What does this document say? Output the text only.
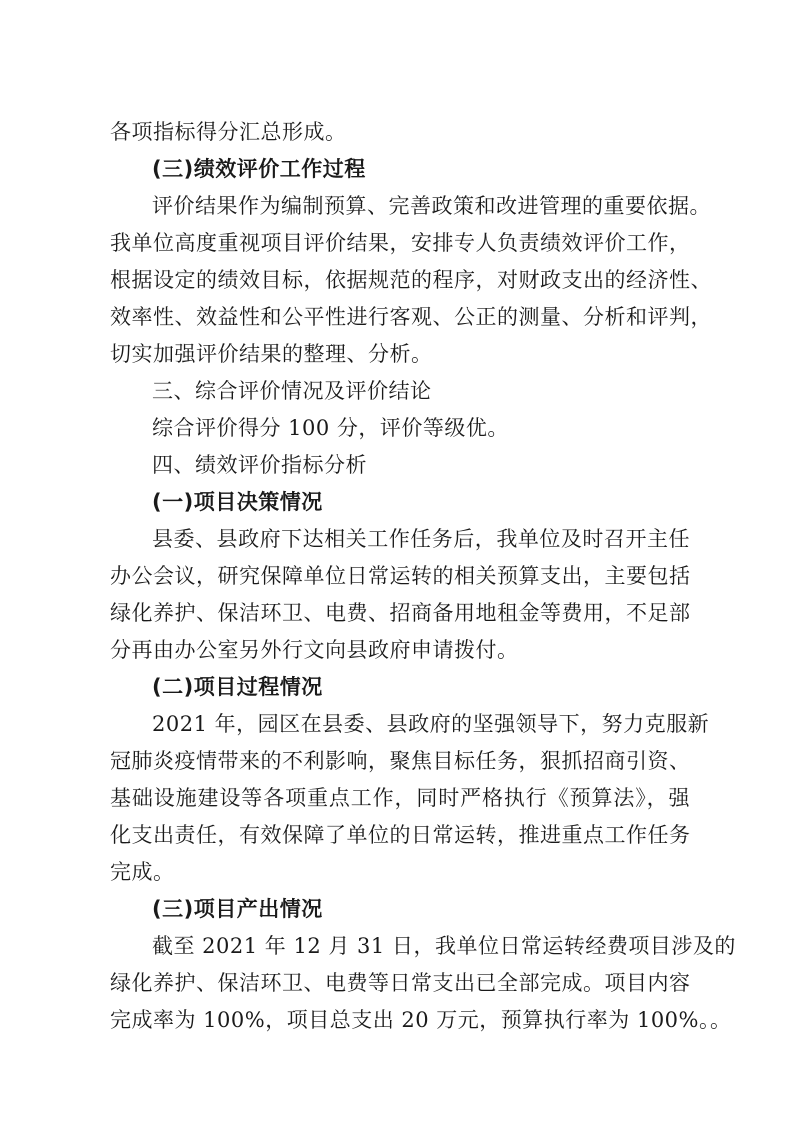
各项指标得分汇总形成。
(三)绩效评价工作过程
评价结果作为编制预算、完善政策和改进管理的重要依据。
我单位高度重视项目评价结果，安排专人负责绩效评价工作，
根据设定的绩效目标，依据规范的程序，对财政支出的经济性、
效率性、效益性和公平性进行客观、公正的测量、分析和评判，
切实加强评价结果的整理、分析。
三、综合评价情况及评价结论
综合评价得分 100 分，评价等级优。
四、绩效评价指标分析
(一)项目决策情况
县委、县政府下达相关工作任务后，我单位及时召开主任
办公会议，研究保障单位日常运转的相关预算支出，主要包括
绿化养护、保洁环卫、电费、招商备用地租金等费用，不足部
分再由办公室另外行文向县政府申请拨付。
(二)项目过程情况
2021 年，园区在县委、县政府的坚强领导下，努力克服新
冠肺炎疫情带来的不利影响，聚焦目标任务，狠抓招商引资、
基础设施建设等各项重点工作，同时严格执行《预算法》，强
化支出责任，有效保障了单位的日常运转，推进重点工作任务
完成。
(三)项目产出情况
截至 2021 年 12 月 31 日，我单位日常运转经费项目涉及的
绿化养护、保洁环卫、电费等日常支出已全部完成。项目内容
完成率为 100%，项目总支出 20 万元，预算执行率为 100%。。
